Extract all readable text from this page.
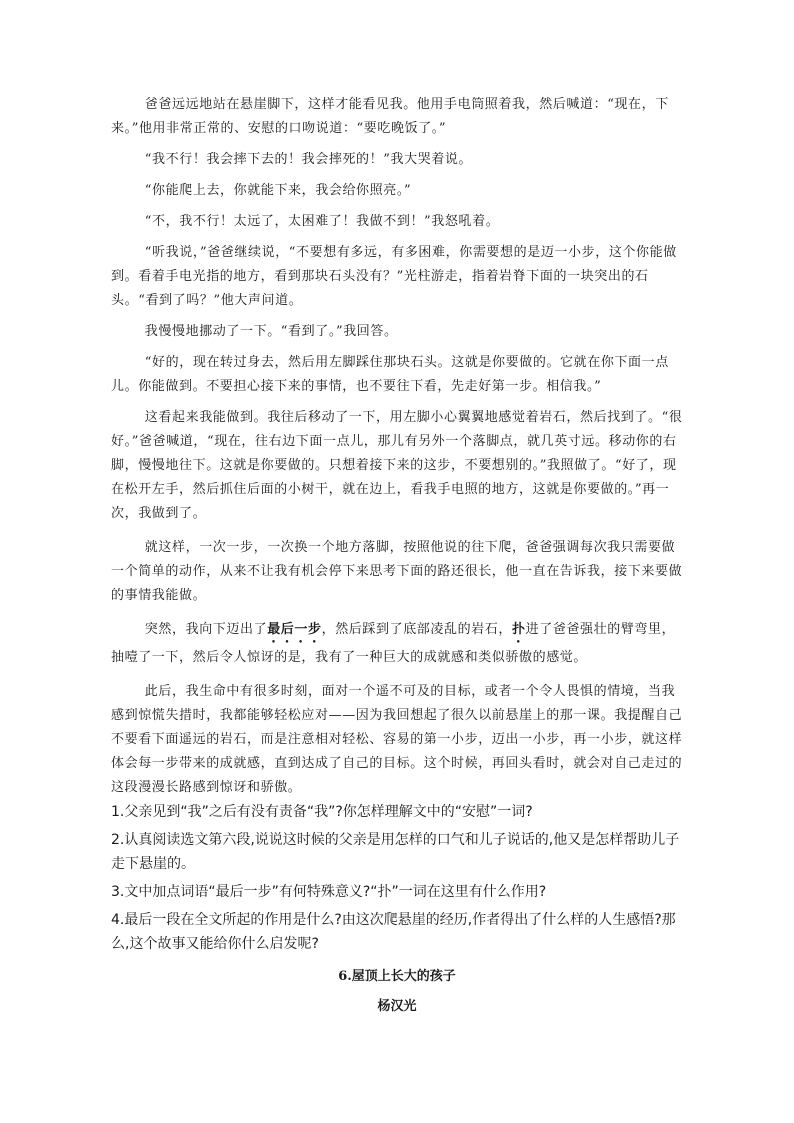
爸爸远远地站在悬崖脚下，这样才能看见我。他用手电筒照着我，然后喊道：“现在，下来。”他用非常正常的、安慰的口吻说道：“要吃晚饭了。”

“我不行！我会摔下去的！我会摔死的！”我大哭着说。

“你能爬上去，你就能下来，我会给你照亮。”

“不，我不行！太远了，太困难了！我做不到！”我怒吼着。

“听我说，”爸爸继续说，“不要想有多远，有多困难，你需要想的是迈一小步，这个你能做到。看着手电光指的地方，看到那块石头没有？”光柱游走，指着岩脊下面的一块突出的石头。“看到了吗？”他大声问道。

我慢慢地挪动了一下。“看到了。”我回答。

“好的，现在转过身去，然后用左脚踩住那块石头。这就是你要做的。它就在你下面一点儿。你能做到。不要担心接下来的事情，也不要往下看，先走好第一步。相信我。”

这看起来我能做到。我往后移动了一下，用左脚小心翼翼地感觉着岩石，然后找到了。“很好。”爸爸喊道，“现在，往右边下面一点儿，那儿有另外一个落脚点，就几英寸远。移动你的右脚，慢慢地往下。这就是你要做的。只想着接下来的这步，不要想别的。”我照做了。“好了，现在松开左手，然后抓住后面的小树干，就在边上，看我手电照的地方，这就是你要做的。”再一次，我做到了。

就这样，一次一步，一次换一个地方落脚，按照他说的往下爬，爸爸强调每次我只需要做一个简单的动作，从来不让我有机会停下来思考下面的路还很长，他一直在告诉我，接下来要做的事情我能做。

突然，我向下迈出了最后一步，然后踩到了底部凌乱的岩石，扑进了爸爸强壮的臂弯里，抽噎了一下，然后令人惊讶的是，我有了一种巨大的成就感和类似骄傲的感觉。

此后，我生命中有很多时刻，面对一个遥不可及的目标，或者一个令人畏惧的情境，当我感到惊慌失措时，我都能够轻松应对——因为我回想起了很久以前悬崖上的那一课。我提醒自己不要看下面遥远的岩石，而是注意相对轻松、容易的第一小步，迈出一小步，再一小步，就这样体会每一步带来的成就感，直到达成了自己的目标。这个时候，再回头看时，就会对自己走过的这段漫漫长路感到惊讶和骄傲。

1.父亲见到“我”之后有没有责备“我”?你怎样理解文中的“安慰”一词?

2.认真阅读选文第六段,说说这时候的父亲是用怎样的口气和儿子说话的,他又是怎样帮助儿子走下悬崖的。

3.文中加点词语“最后一步”有何特殊意义?“扑”一词在这里有什么作用?

4.最后一段在全文所起的作用是什么?由这次爬悬崖的经历,作者得出了什么样的人生感悟?那么,这个故事又能给你什么启发呢?

6.屋顶上长大的孩子
杨汉光
